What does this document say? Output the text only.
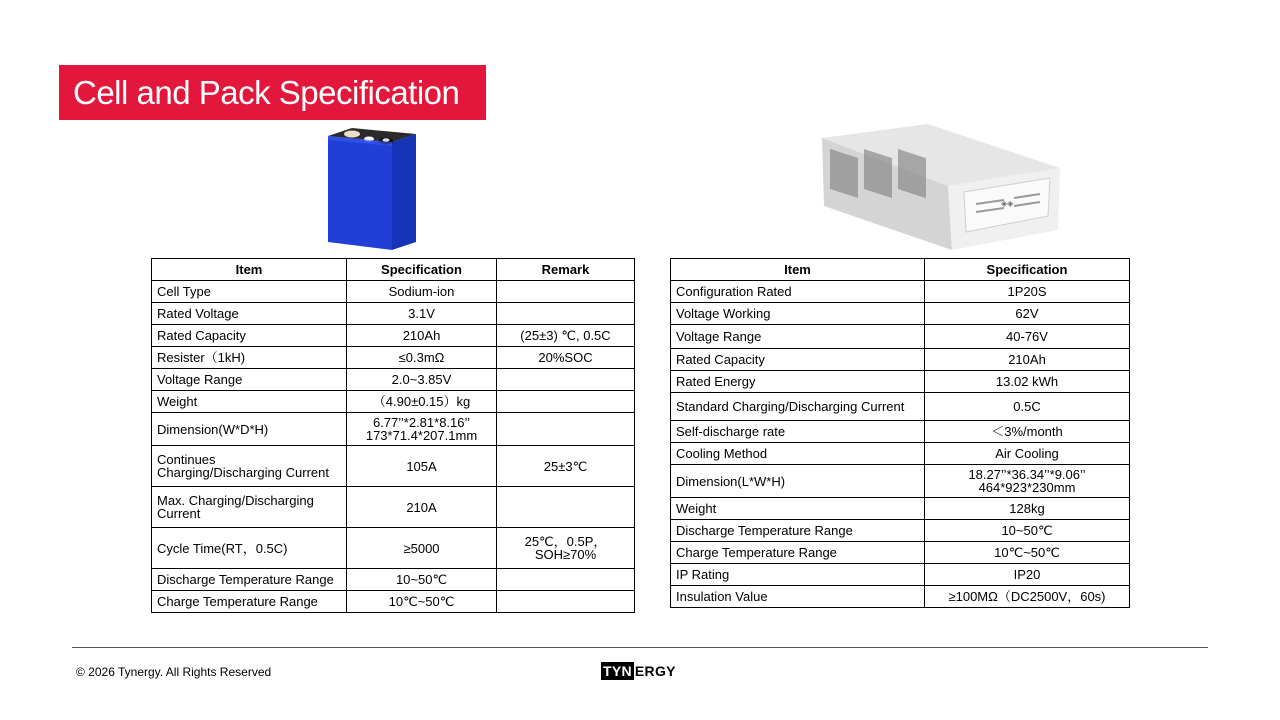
Cell and Pack Specification
◈◈
Item	Specification	Remark
Cell Type	Sodium-ion	
Rated Voltage	3.1V	
Rated Capacity	210Ah	(25±3) ℃, 0.5C
Resister（1kH)	≤0.3mΩ	20%SOC
Voltage Range	2.0~3.85V	
Weight	（4.90±0.15）kg	
Dimension(W*D*H)	6.77’’*2.81*8.16’’
173*71.4*207.1mm	
Continues
Charging/Discharging Current	105A	25±3℃
Max. Charging/Discharging
Current	210A	
Cycle Time(RT，0.5C)	≥5000	25℃，0.5P，
SOH≥70%
Discharge Temperature Range	10~50℃	
Charge Temperature Range	10℃~50℃	
Item	Specification
Configuration Rated	1P20S
Voltage Working	62V
Voltage Range	40-76V
Rated Capacity	210Ah
Rated Energy	13.02 kWh
Standard Charging/Discharging Current	0.5C
Self-discharge rate	＜3%/month
Cooling Method	Air Cooling
Dimension(L*W*H)	18.27’’*36.34’’*9.06’’
464*923*230mm
Weight	128kg
Discharge Temperature Range	10~50℃
Charge Temperature Range	10℃~50℃
IP Rating	IP20
Insulation Value	≥100MΩ（DC2500V，60s)
© 2026 Tynergy. All Rights Reserved	TYN ERGY
